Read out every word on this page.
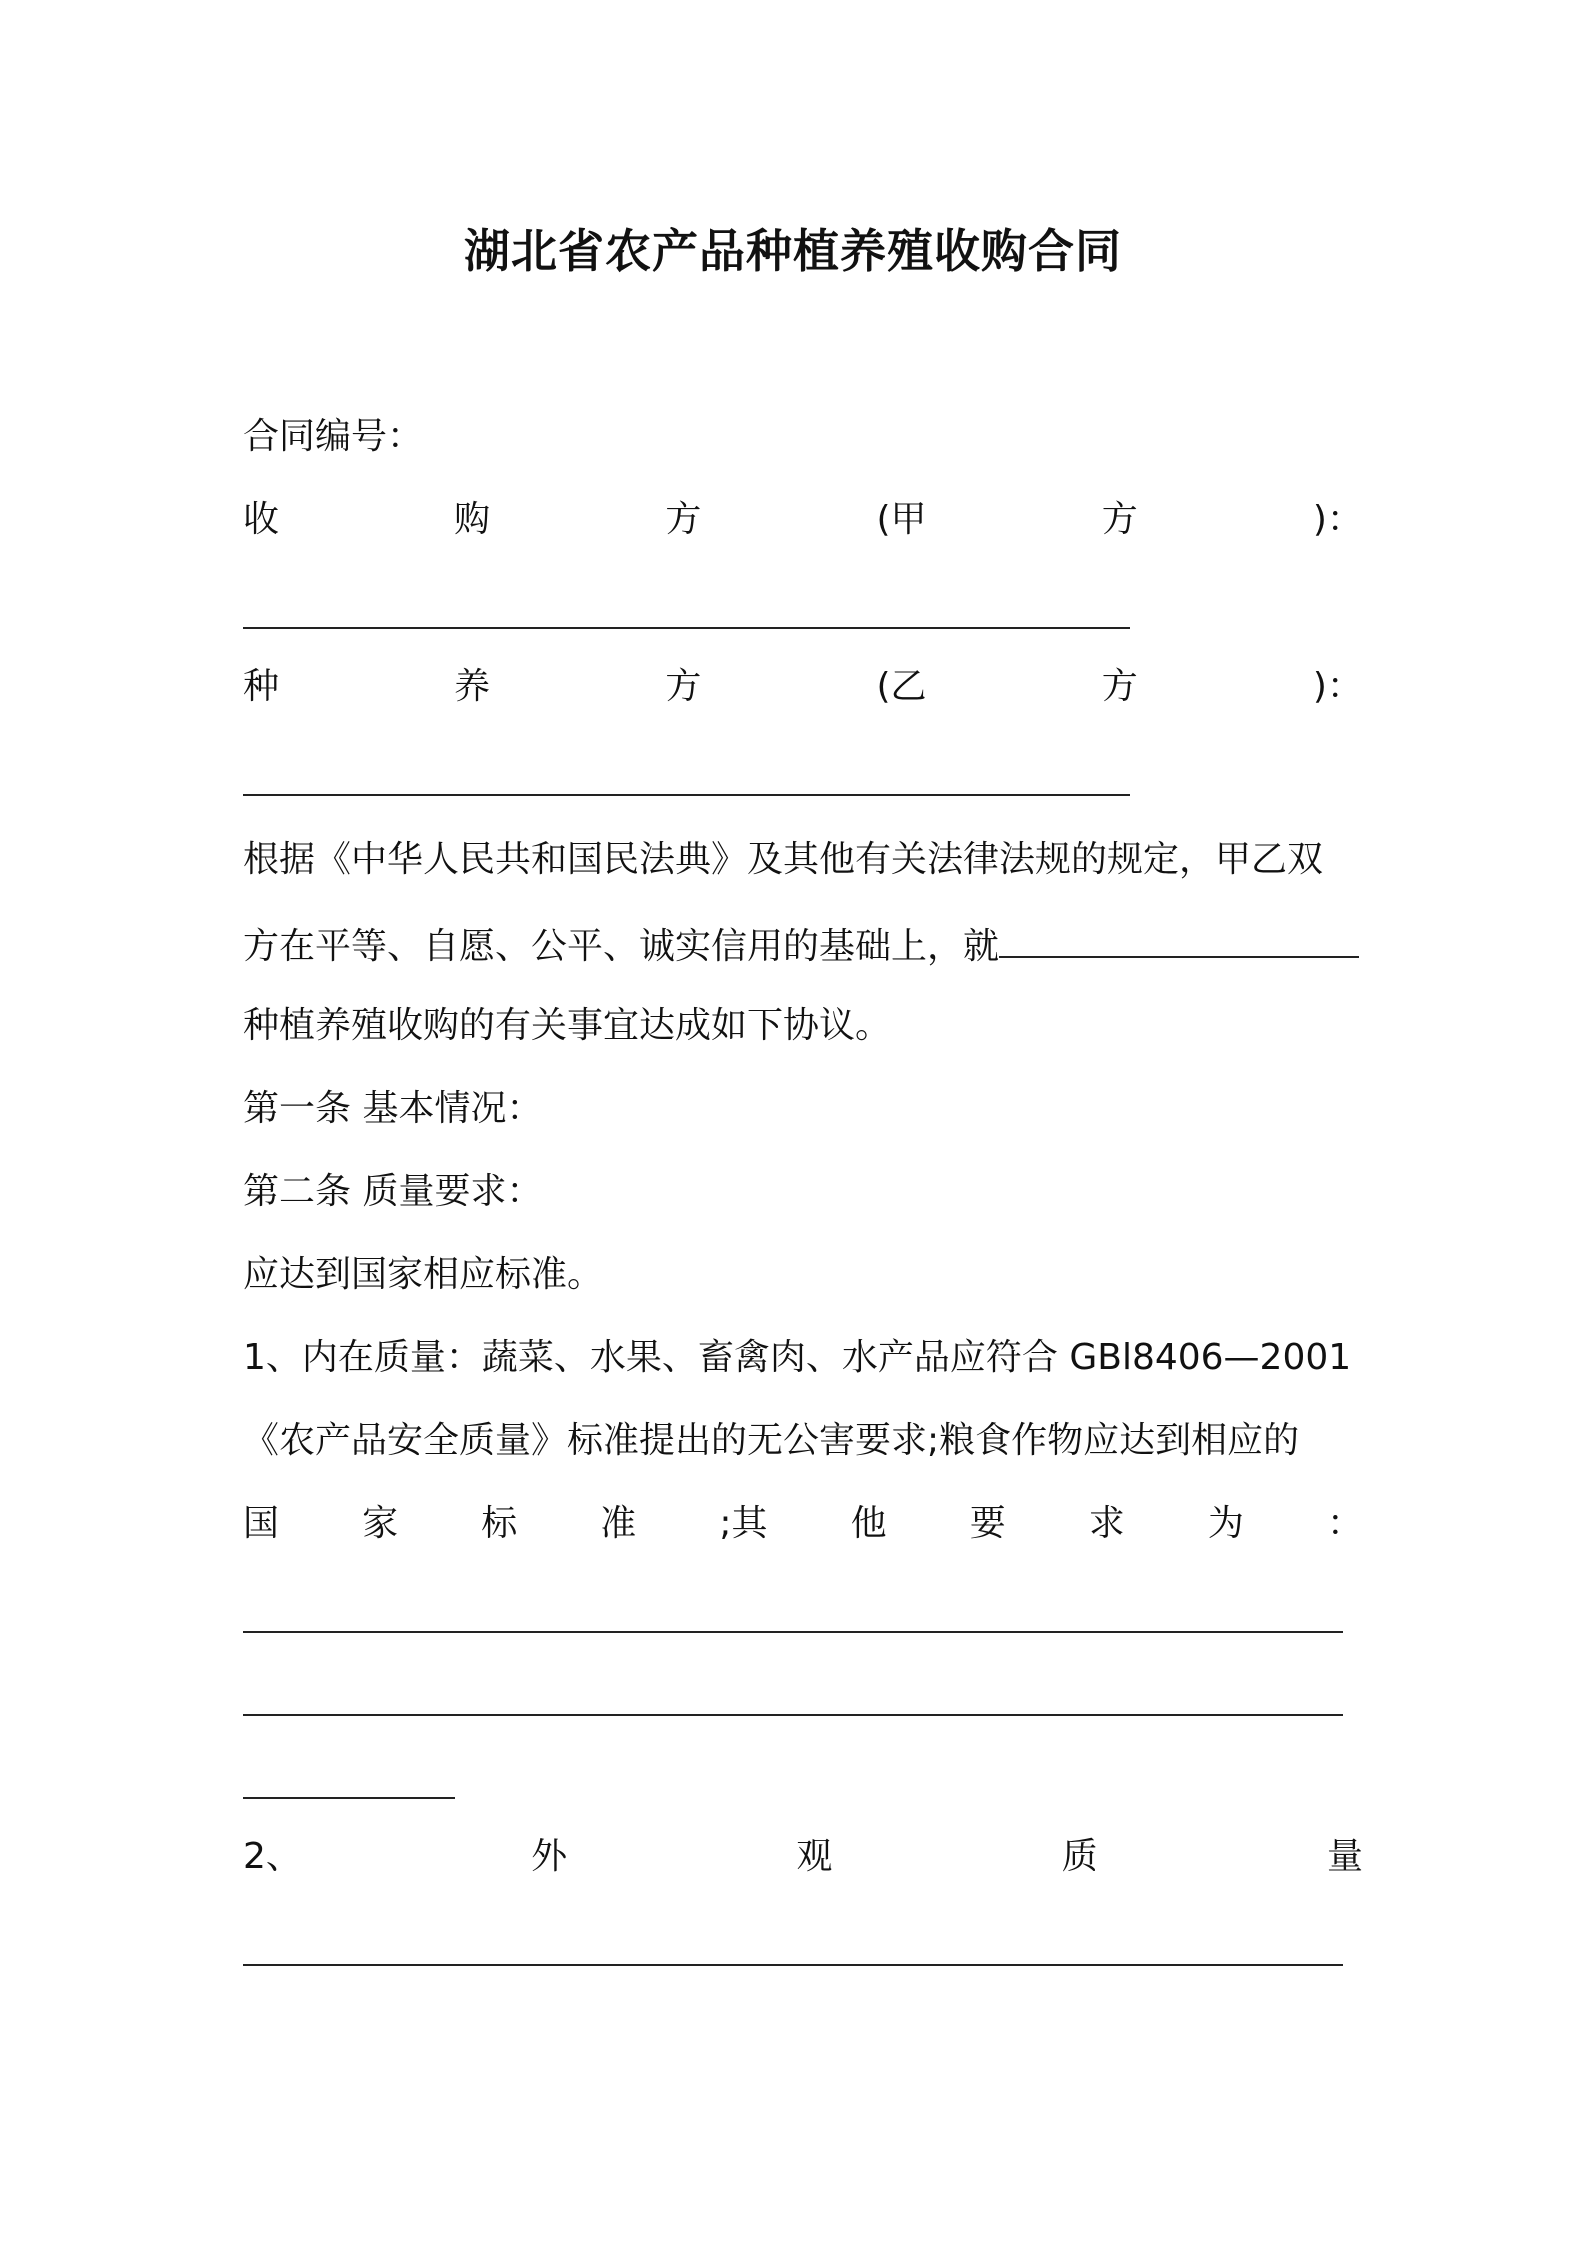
湖北省农产品种植养殖收购合同
合同编号：
收	购	方	(甲	方	)：
种	养	方	(乙	方	)：
根据《中华人民共和国民法典》及其他有关法律法规的规定，甲乙双
方在平等、自愿、公平、诚实信用的基础上，就
种植养殖收购的有关事宜达成如下协议。
第一条 基本情况：
第二条 质量要求：
应达到国家相应标准。
1、内在质量：蔬菜、水果、畜禽肉、水产品应符合 GBl8406—2001
《农产品安全质量》标准提出的无公害要求;粮食作物应达到相应的
国 家 标 准 ;其 他 要 求 为 ：
2、	外	观	质	量
